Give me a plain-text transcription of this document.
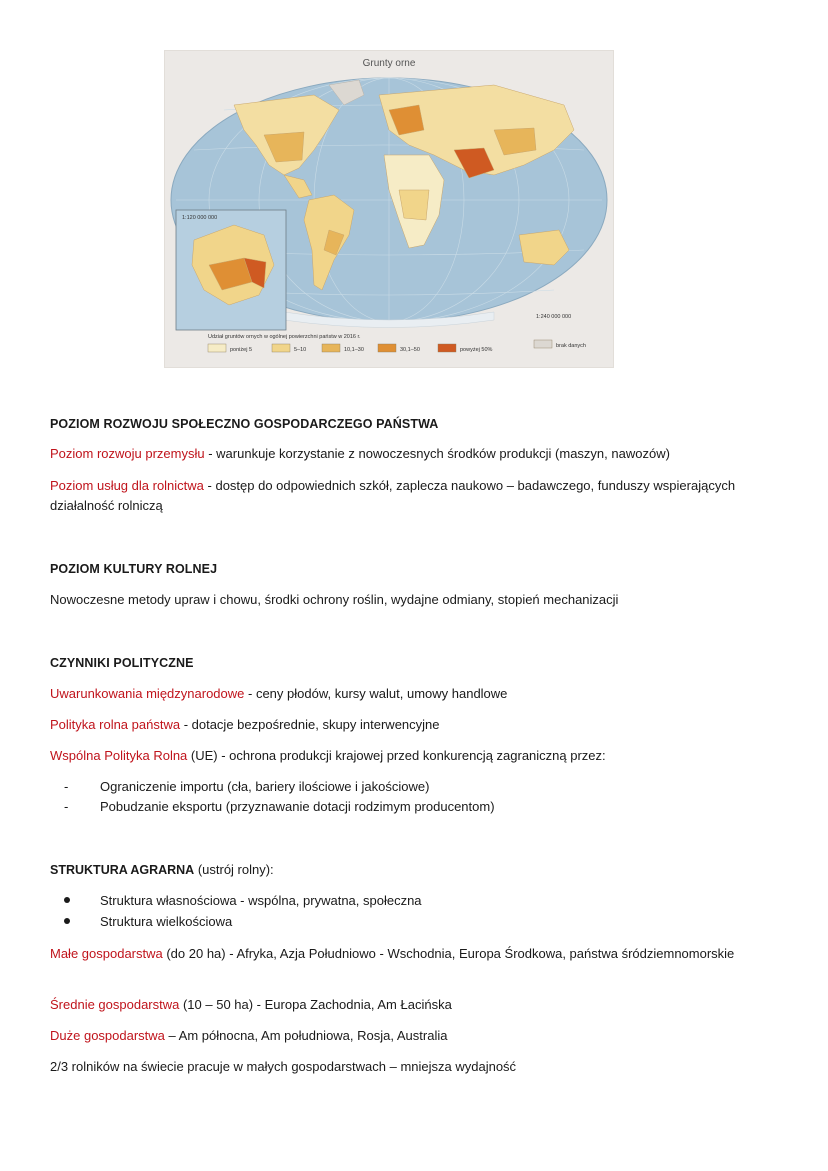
1:120 000 000
Grunty orne
1:240 000 000
Udział gruntów ornych w ogólnej powierzchni państw w 2016 r.
poniżej 5	5–10	10,1–30	30,1–50	powyżej 50%
brak danych
POZIOM ROZWOJU SPOŁECZNO GOSPODARCZEGO PAŃSTWA
Poziom rozwoju przemysłu - warunkuje korzystanie z nowoczesnych środków produkcji (maszyn, nawozów)
Poziom usług dla rolnictwa - dostęp do odpowiednich szkół, zaplecza naukowo – badawczego, funduszy wspierających działalność rolniczą
POZIOM KULTURY ROLNEJ
Nowoczesne metody upraw i chowu, środki ochrony roślin, wydajne odmiany, stopień mechanizacji
CZYNNIKI POLITYCZNE
Uwarunkowania międzynarodowe - ceny płodów, kursy walut, umowy handlowe
Polityka rolna państwa - dotacje bezpośrednie, skupy interwencyjne
Wspólna Polityka Rolna (UE) - ochrona produkcji krajowej przed konkurencją zagraniczną przez:
-	Ograniczenie importu (cła, bariery ilościowe i jakościowe)
-	Pobudzanie eksportu (przyznawanie dotacji rodzimym producentom)
STRUKTURA AGRARNA (ustrój rolny):
Struktura własnościowa - wspólna, prywatna, społeczna
Struktura wielkościowa
Małe gospodarstwa (do 20 ha) - Afryka, Azja Południowo - Wschodnia, Europa Środkowa, państwa śródziemnomorskie
Średnie gospodarstwa (10 – 50 ha) - Europa Zachodnia, Am Łacińska
Duże gospodarstwa – Am północna, Am południowa, Rosja, Australia
2/3 rolników na świecie pracuje w małych gospodarstwach – mniejsza wydajność
